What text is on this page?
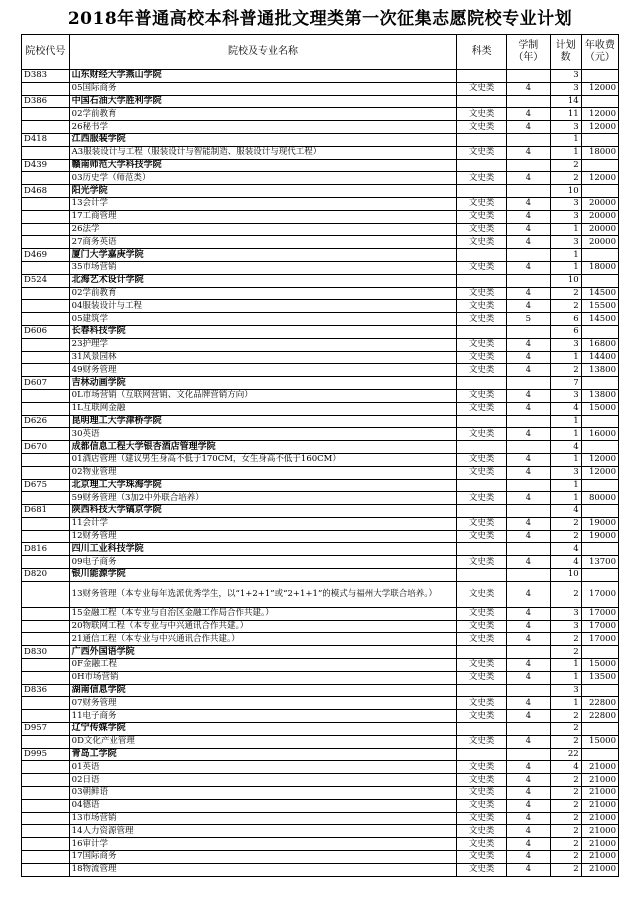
2018年普通高校本科普通批文理类第一次征集志愿院校专业计划
院校代号	院校及专业名称	科类	学制（年）	计划数	年收费（元）
D383	山东财经大学燕山学院			3	
	05国际商务	文史类	4	3	12000
D386	中国石油大学胜利学院			14	
	02学前教育	文史类	4	11	12000
	26秘书学	文史类	4	3	12000
D418	江西服装学院			1	
	A3服装设计与工程（服装设计与智能制造、服装设计与现代工程）	文史类	4	1	18000
D439	赣南师范大学科技学院			2	
	03历史学（师范类）	文史类	4	2	12000
D468	阳光学院			10	
	13会计学	文史类	4	3	20000
	17工商管理	文史类	4	3	20000
	26法学	文史类	4	1	20000
	27商务英语	文史类	4	3	20000
D469	厦门大学嘉庚学院			1	
	35市场营销	文史类	4	1	18000
D524	北海艺术设计学院			10	
	02学前教育	文史类	4	2	14500
	04服装设计与工程	文史类	4	2	15500
	05建筑学	文史类	5	6	14500
D606	长春科技学院			6	
	23护理学	文史类	4	3	16800
	31风景园林	文史类	4	1	14400
	49财务管理	文史类	4	2	13800
D607	吉林动画学院			7	
	0L市场营销（互联网营销、文化品牌营销方向）	文史类	4	3	13800
	1L互联网金融	文史类	4	4	15000
D626	昆明理工大学津桥学院			1	
	30英语	文史类	4	1	16000
D670	成都信息工程大学银杏酒店管理学院			4	
	01酒店管理（建议男生身高不低于170CM，女生身高不低于160CM）	文史类	4	1	12000
	02物业管理	文史类	4	3	12000
D675	北京理工大学珠海学院			1	
	59财务管理（3加2中外联合培养）	文史类	4	1	80000
D681	陕西科技大学镐京学院			4	
	11会计学	文史类	4	2	19000
	12财务管理	文史类	4	2	19000
D816	四川工业科技学院			4	
	09电子商务	文史类	4	4	13700
D820	银川能源学院			10	
	13财务管理（本专业每年选派优秀学生，以“1+2+1”或“2+1+1”的模式与福州大学联合培养。）	文史类	4	2	17000
	15金融工程（本专业与自治区金融工作局合作共建。）	文史类	4	3	17000
	20物联网工程（本专业与中兴通讯合作共建。）	文史类	4	3	17000
	21通信工程（本专业与中兴通讯合作共建。）	文史类	4	2	17000
D830	广西外国语学院			2	
	0F金融工程	文史类	4	1	15000
	0H市场营销	文史类	4	1	13500
D836	湖南信息学院			3	
	07财务管理	文史类	4	1	22800
	11电子商务	文史类	4	2	22800
D957	辽宁传媒学院			2	
	0D文化产业管理	文史类	4	2	15000
D995	青岛工学院			22	
	01英语	文史类	4	4	21000
	02日语	文史类	4	2	21000
	03朝鲜语	文史类	4	2	21000
	04德语	文史类	4	2	21000
	13市场营销	文史类	4	2	21000
	14人力资源管理	文史类	4	2	21000
	16审计学	文史类	4	2	21000
	17国际商务	文史类	4	2	21000
	18物流管理	文史类	4	2	21000
